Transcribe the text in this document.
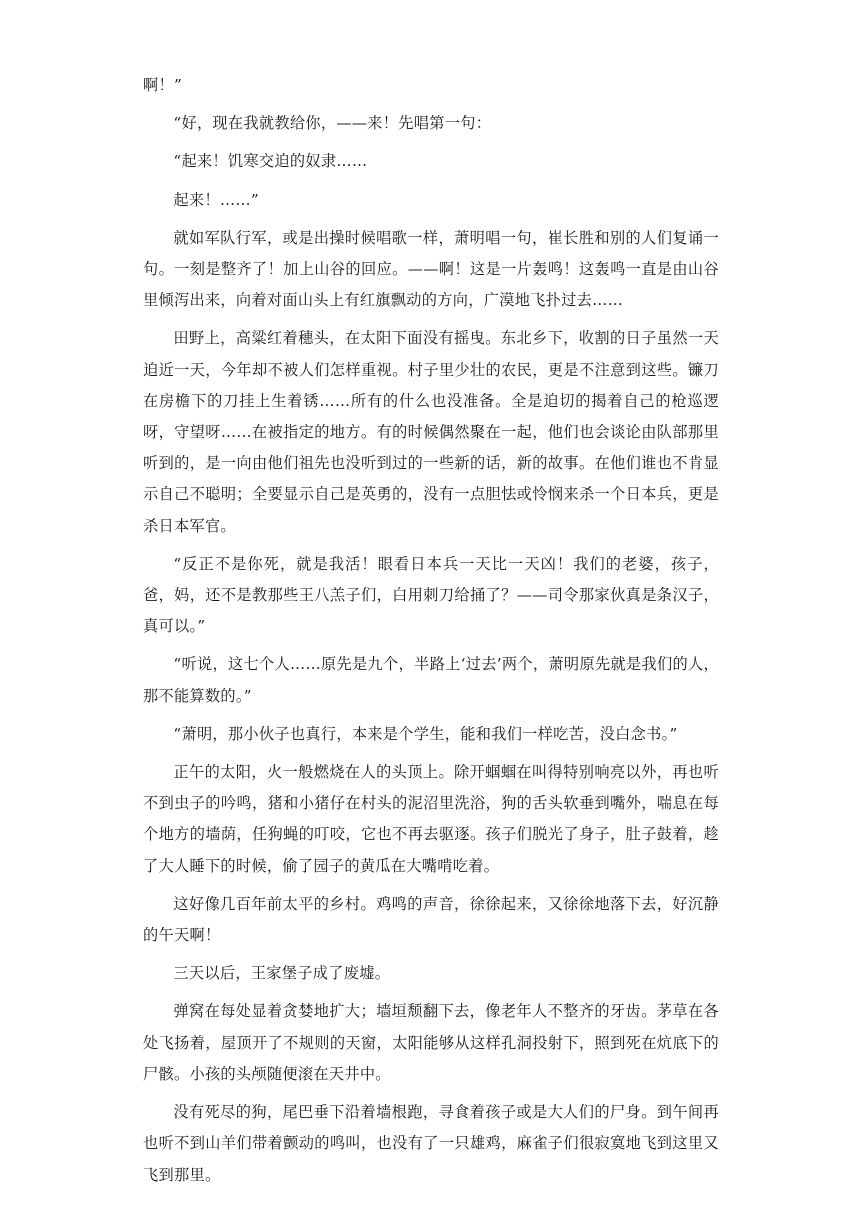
啊！”

“好，现在我就教给你，——来！先唱第一句：

“起来！饥寒交迫的奴隶……

起来！……”

就如军队行军，或是出操时候唱歌一样，萧明唱一句，崔长胜和别的人们复诵一句。一刻是整齐了！加上山谷的回应。——啊！这是一片轰鸣！这轰鸣一直是由山谷里倾泻出来，向着对面山头上有红旗飘动的方向，广漠地飞扑过去……

田野上，高粱红着穗头，在太阳下面没有摇曳。东北乡下，收割的日子虽然一天迫近一天，今年却不被人们怎样重视。村子里少壮的农民，更是不注意到这些。镰刀在房檐下的刀挂上生着锈……所有的什么也没准备。全是迫切的揭着自己的枪巡逻呀，守望呀……在被指定的地方。有的时候偶然聚在一起，他们也会谈论由队部那里听到的，是一向由他们祖先也没听到过的一些新的话，新的故事。在他们谁也不肯显示自己不聪明；全要显示自己是英勇的，没有一点胆怯或怜悯来杀一个日本兵，更是杀日本军官。

“反正不是你死，就是我活！眼看日本兵一天比一天凶！我们的老婆，孩子，爸，妈，还不是教那些王八羔子们，白用刺刀给捅了？——司令那家伙真是条汉子，真可以。”

“听说，这七个人……原先是九个，半路上‘过去’两个，萧明原先就是我们的人，那不能算数的。”

“萧明，那小伙子也真行，本来是个学生，能和我们一样吃苦，没白念书。”

正午的太阳，火一般燃烧在人的头顶上。除开蝈蝈在叫得特别响亮以外，再也听不到虫子的吟鸣，猪和小猪仔在村头的泥沼里洗浴，狗的舌头软垂到嘴外，喘息在每个地方的墙荫，任狗蝇的叮咬，它也不再去驱逐。孩子们脱光了身子，肚子鼓着，趁了大人睡下的时候，偷了园子的黄瓜在大嘴啃吃着。

这好像几百年前太平的乡村。鸡鸣的声音，徐徐起来，又徐徐地落下去，好沉静的午天啊！

三天以后，王家堡子成了废墟。

弹窝在每处显着贪婪地扩大；墙垣颓翻下去，像老年人不整齐的牙齿。茅草在各处飞扬着，屋顶开了不规则的天窗，太阳能够从这样孔洞投射下，照到死在炕底下的尸骸。小孩的头颅随便滚在天井中。

没有死尽的狗，尾巴垂下沿着墙根跑，寻食着孩子或是大人们的尸身。到午间再也听不到山羊们带着颤动的鸣叫，也没有了一只雄鸡，麻雀子们很寂寞地飞到这里又飞到那里。
